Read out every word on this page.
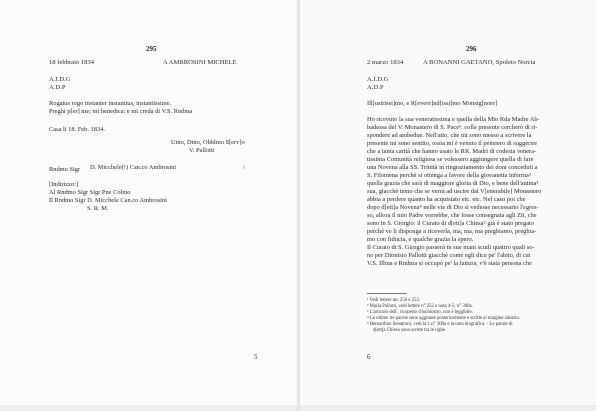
295
18 febbraio 1834	A AMBROSINI MICHELE
A.I.D.G
A.D.P
Rogatus rogo instanter instantius, instantissime.
Preghi p[er] me; mi benedica: e mi creda di V.S. Rndma
Casa li 18. Feb. 1834.
Umo, Dmo, Obblmo S[erv]o
V. Pallotti
Rndmo Sigr D. Micchele(!) Can.co Ambrosini	/
[Indirizzo:]
Al Rndmo Sigr Sigr Pne Colmo
Il Rndmo Sigr D. Micchele Can.co Ambrosini
S. R. M.
5
296
2 marzo 1834	A BONANNI GAETANO, Spoleto Norcia
A.I.D.G
A.D.P
Ill[ustrissi]mo, e R[evere]nd[issi]mo Monsig[nore]
Ho ricevuto la sua veneratissima e quella della Mto Rda Madre Ab-
badessa del V. Monastero di S. Pace¹: colla presente cercherò di ri-
spondere ad ambedue. Nell'atto, che mi sono messo a scrivere la
presente mi sono sentito, ossia mi è venuto il pensiero di suggerire
che a tanta carità che hanno usato le RR. Madri di codesta venera-
tissima Comunità religiosa se volessero aggiungere quella di fare
una Novena alla SS. Trinità in ringraziamento dei doni conceduti a
S. Filomena perchè si ottenga a favore della giovanetta inferma²
quella grazia che sarà di maggiore gloria di Dio, e bene dell'anima³
sua, giacchè temo che se verrà ad uscire dal V[enerabile] Monastero
abbia a perdere quanto ha acquistato etc. etc. Nel caso poi che
dopo d[ett]a Novena⁴ nelle vie di Dio si vedesse necessario l'egres-
so, allora il mio Padre vorrebbe, che fosse consegnata agli Zii, che
sono in S. Giorgio: il Curato di d[ett]a Chiesa⁵ già è stato pregato
perchè ve li disponga a riceverla, ma, ma, ma preghiamo, preghia-
mo con fiducia, e qualche grazia la spero.
Il Curato di S. Giorgio passerà in sue mani scudi quattro quali so-
no per Dionisio Pallotti giacchè come egli dice pe' l'abito, di cui
V.S. Illma e Rndma si occupò pe' la fattura, v'è stata persona che
¹ Vedi lettere nn. 250 e 252.
² Maria Pallotti, vedi lettere n° 252 e nota 4-5; n° 300a.
³ L'articolo dell', ricoperto d'inchiostro, non è leggibile.
⁴ Le ultime tre parole sono aggiunte posteriormente e scritte al margine sinistro.
⁵ Bernardino Senatroni, vedi la l. n° 300a e la nota biografica. - Le parole di
d[ett]a Chiesa sono scritte tra le righe.
6
